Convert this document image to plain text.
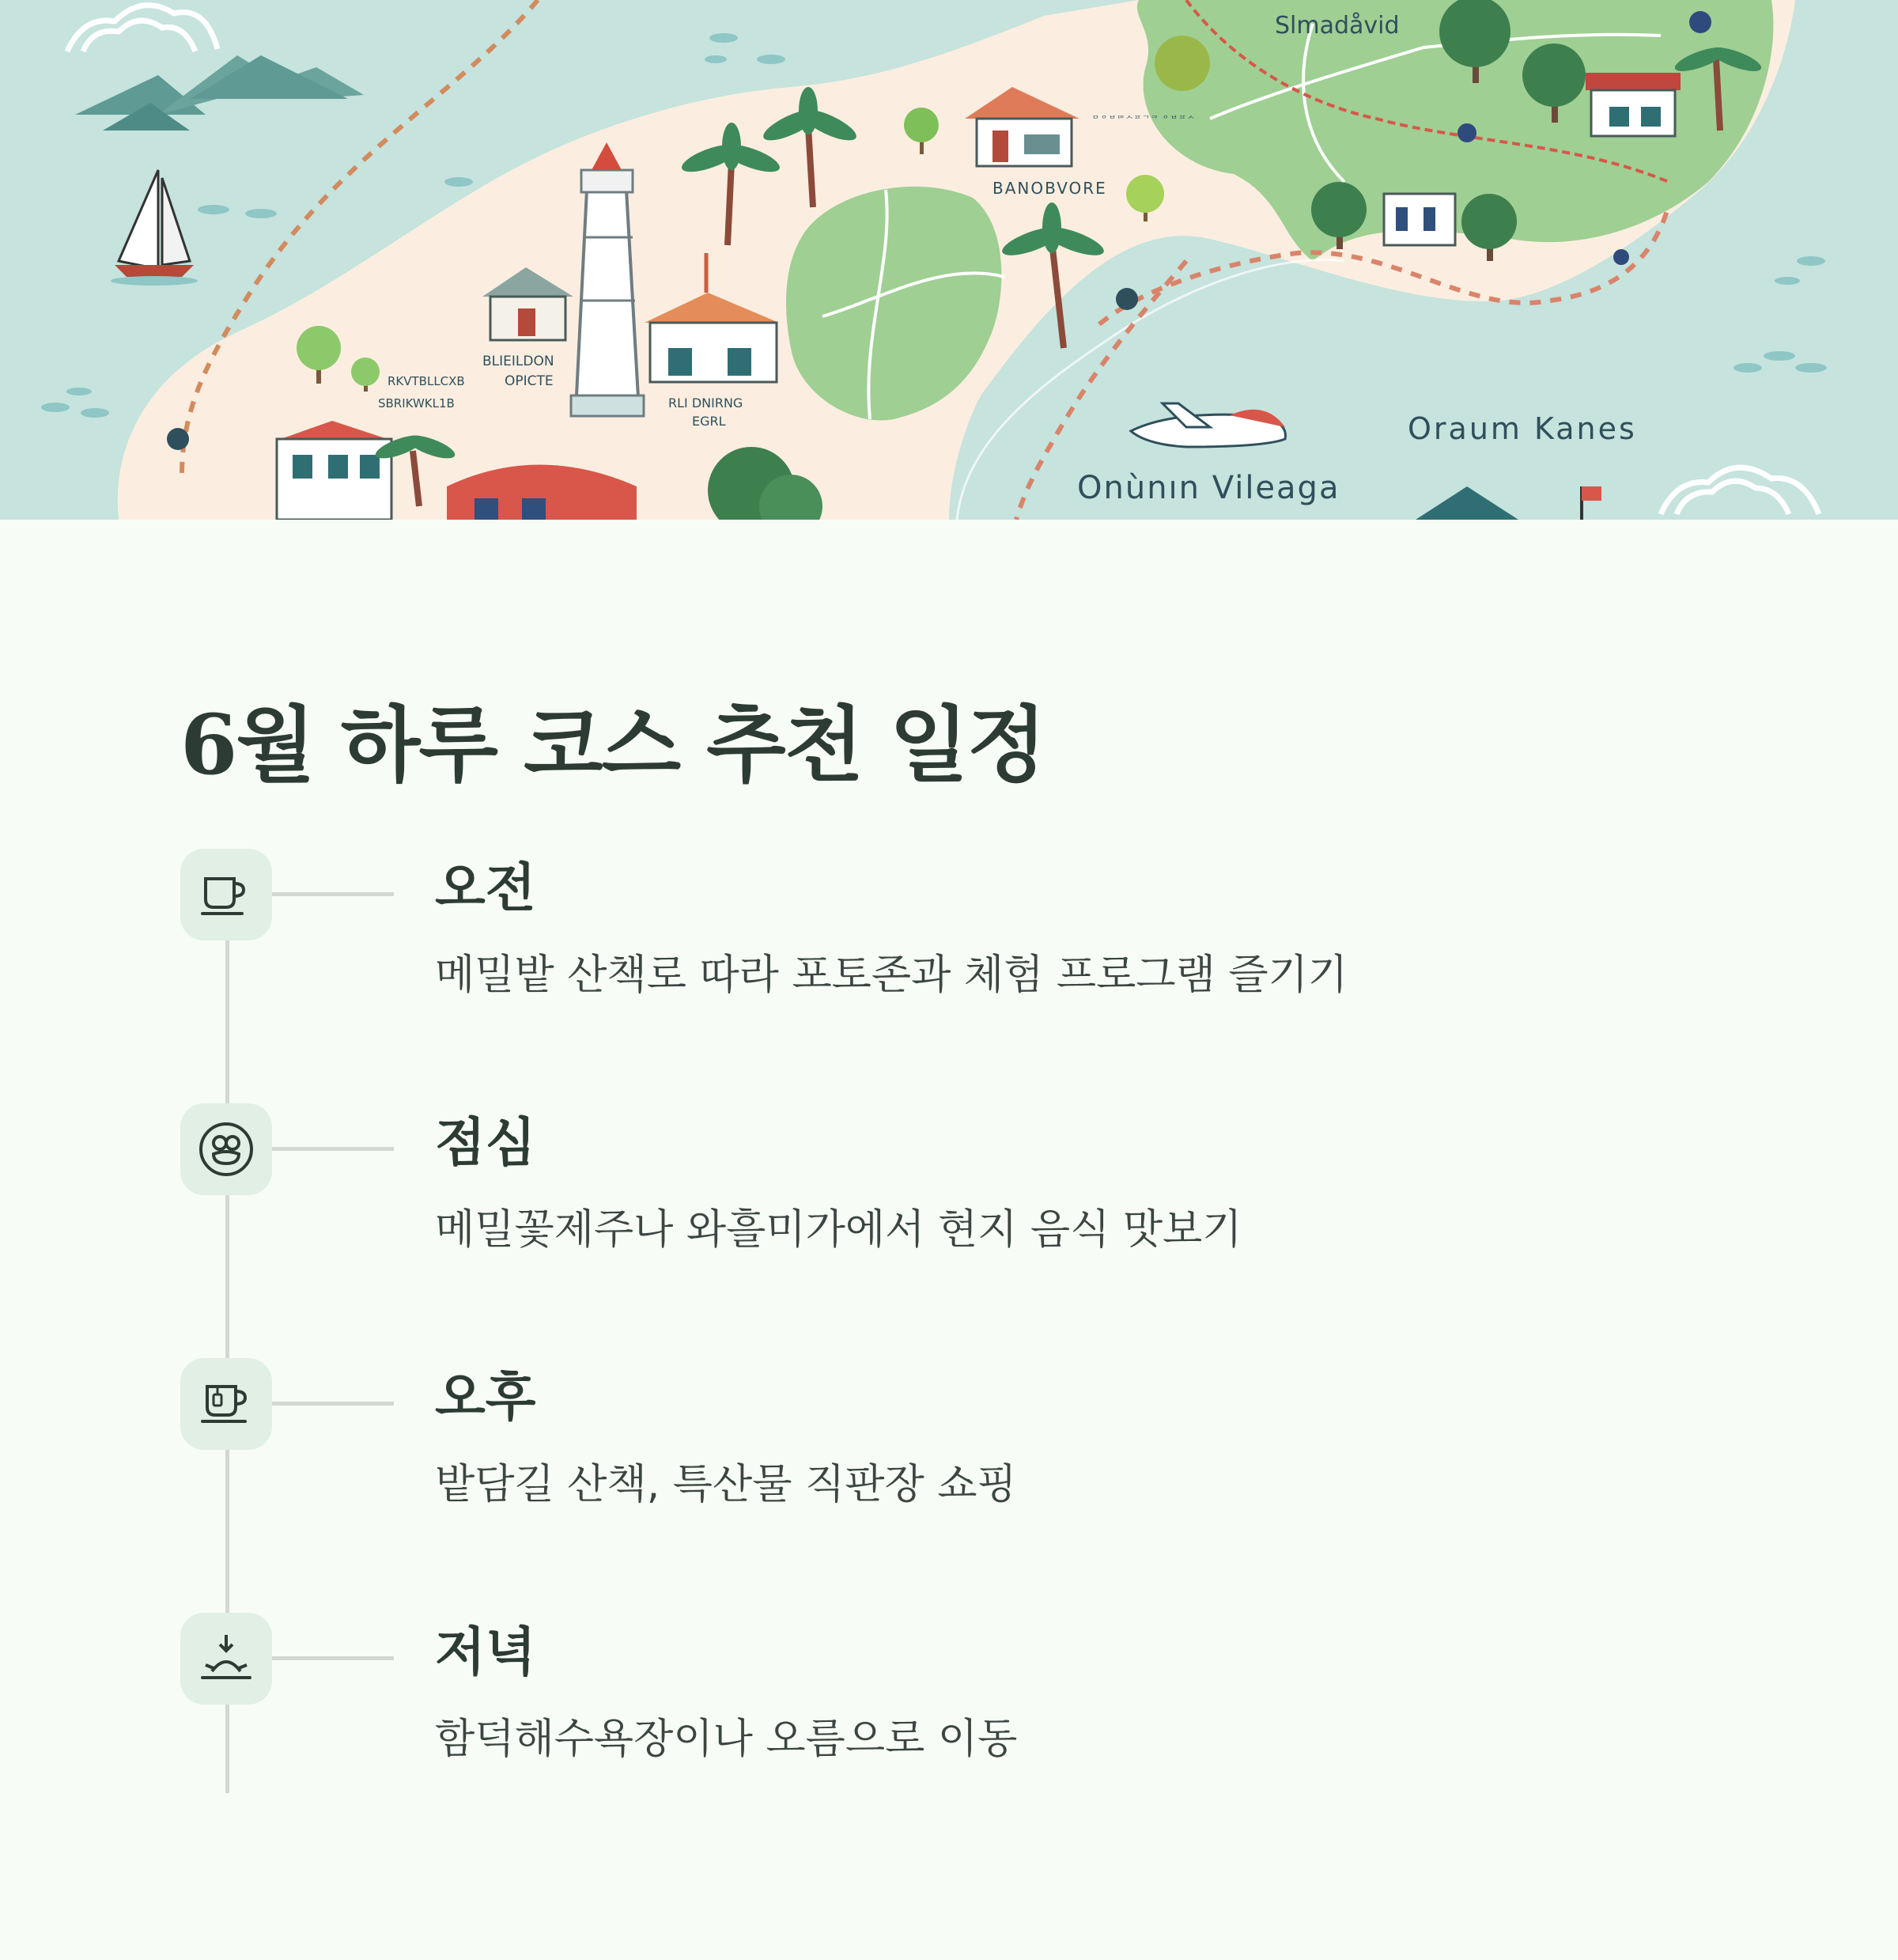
Slmadåvid
BANOBVORE
ᄆᄋᄇᄃᄆᄉᄑᄀᄏ ᄋᄇᄑᄉ
BLIEILDON
OPICTE
RKVTBLLCXB
SBRIKWKL1B	RLI DNIRNG
EGRL
Onùnın Vileaga
Oraum Kanes
6월 하루 코스 추천 일정
오전

메밀밭 산책로 따라 포토존과 체험 프로그램 즐기기

점심

메밀꽃제주나 와흘미가에서 현지 음식 맛보기

오후

밭담길 산책, 특산물 직판장 쇼핑

저녁

함덕해수욕장이나 오름으로 이동
